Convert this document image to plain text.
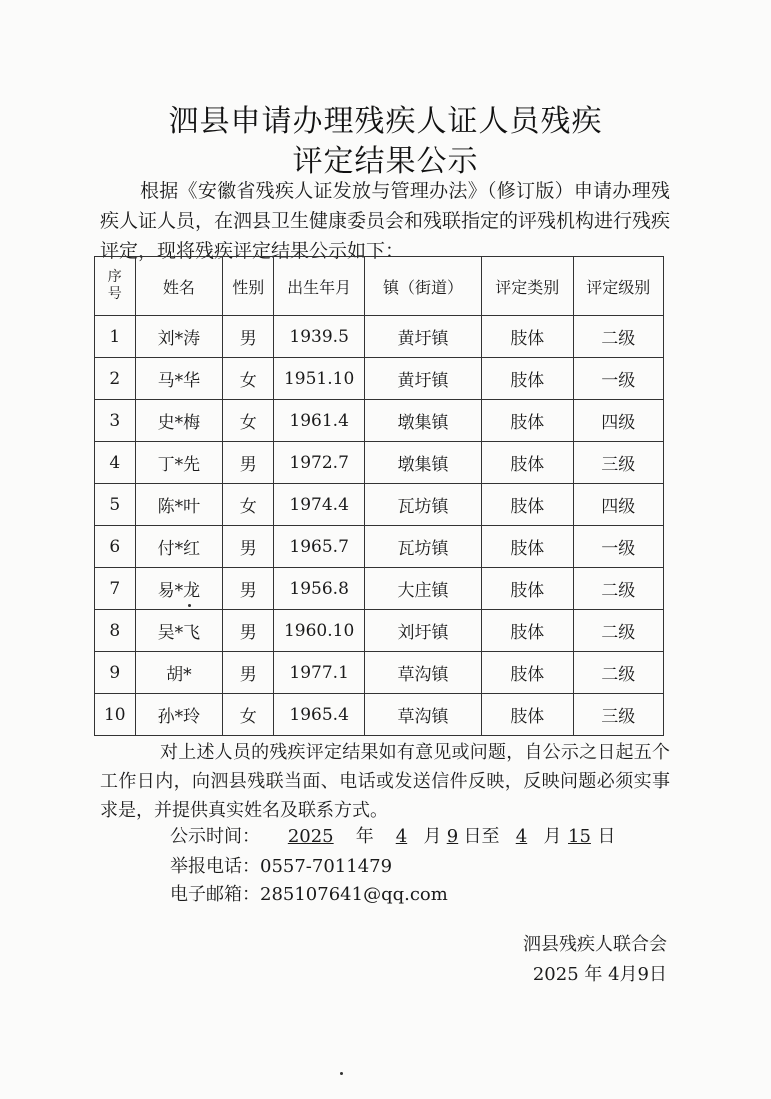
泗县申请办理残疾人证人员残疾
评定结果公示
根据《安徽省残疾人证发放与管理办法》（修订版）申请办理残疾人证人员，在泗县卫生健康委员会和残联指定的评残机构进行残疾评定，现将残疾评定结果公示如下：
序号	姓名	性别	出生年月	镇（街道）	评定类别	评定级别
1	刘*涛	男	1939.5	黄圩镇	肢体	二级
2	马*华	女	1951.10	黄圩镇	肢体	一级
3	史*梅	女	1961.4	墩集镇	肢体	四级
4	丁*先	男	1972.7	墩集镇	肢体	三级
5	陈*叶	女	1974.4	瓦坊镇	肢体	四级
6	付*红	男	1965.7	瓦坊镇	肢体	一级
7	易*龙	男	1956.8	大庄镇	肢体	二级
8	吴*飞	男	1960.10	刘圩镇	肢体	二级
9	胡*	男	1977.1	草沟镇	肢体	二级
10	孙*玲	女	1965.4	草沟镇	肢体	三级
对上述人员的残疾评定结果如有意见或问题，自公示之日起五个工作日内，向泗县残联当面、电话或发送信件反映，反映问题必须实事求是，并提供真实姓名及联系方式。
公示时间： 2025 年 4 月 9 日至 4 月 15 日
举报电话：0557-7011479
电子邮箱：285107641@qq.com
泗县残疾人联合会
2025 年 4月9日
